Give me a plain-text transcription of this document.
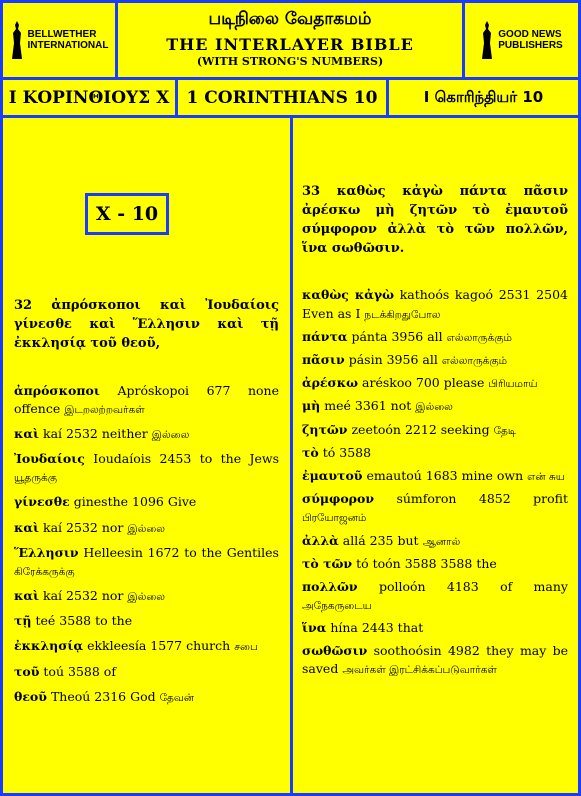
BELLWETHER
INTERNATIONAL
படிநிலை வேதாகமம்
THE INTERLAYER BIBLE
(WITH STRONG'S NUMBERS)
GOOD NEWS
PUBLISHERS
Ι ΚΟΡΙΝΘΙΟΥΣ Χ	1 CORINTHIANS 10	I கொரிந்தியர் 10
X - 10

32 ἀπρόσκοποι καὶ Ἰουδαίοις γίνεσθε καὶ Ἕλλησιν καὶ τῇ ἐκκλησίᾳ τοῦ θεοῦ,

ἀπρόσκοποι Apróskopoi 677 none offence இடறலற்றவர்கள்

καὶ kaí 2532 neither இல்லை

Ἰουδαίοις Ioudaíois 2453 to the Jews யூதருக்கு

γίνεσθε ginesthe 1096 Give

καὶ kaí 2532 nor இல்லை

Ἕλλησιν Helleesin 1672 to the Gentiles கிரேக்கருக்கு

καὶ kaí 2532 nor இல்லை

τῇ teé 3588 to the

ἐκκλησίᾳ ekkleesía 1577 church சபை

τοῦ toú 3588 of

θεοῦ Theoú 2316 God தேவன்

33 καθὼς κἀγὼ πάντα πᾶσιν ἀρέσκω μὴ ζητῶν τὸ ἐμαυτοῦ σύμφορον ἀλλὰ τὸ τῶν πολλῶν, ἵνα σωθῶσιν.

καθὼς κἀγὼ kathoós kagoó 2531 2504 Even as I நடக்கிறதுபோல

πάντα pánta 3956 all எல்லாருக்கும்

πᾶσιν pásin 3956 all எல்லாருக்கும்

ἀρέσκω aréskoo 700 please பிரியமாய்

μὴ meé 3361 not இல்லை

ζητῶν zeetoón 2212 seeking தேடி

τὸ tó 3588

ἐμαυτοῦ emautoú 1683 mine own என் சுய

σύμφορον súmforon 4852 profit பிரயோஜனம்

ἀλλὰ allá 235 but ஆனால்

τὸ τῶν tó toón 3588 3588 the

πολλῶν polloón 4183 of many அநேகருடைய

ἵνα hína 2443 that

σωθῶσιν soothoósin 4982 they may be saved அவர்கள் இரட்சிக்கப்படுவார்கள்
